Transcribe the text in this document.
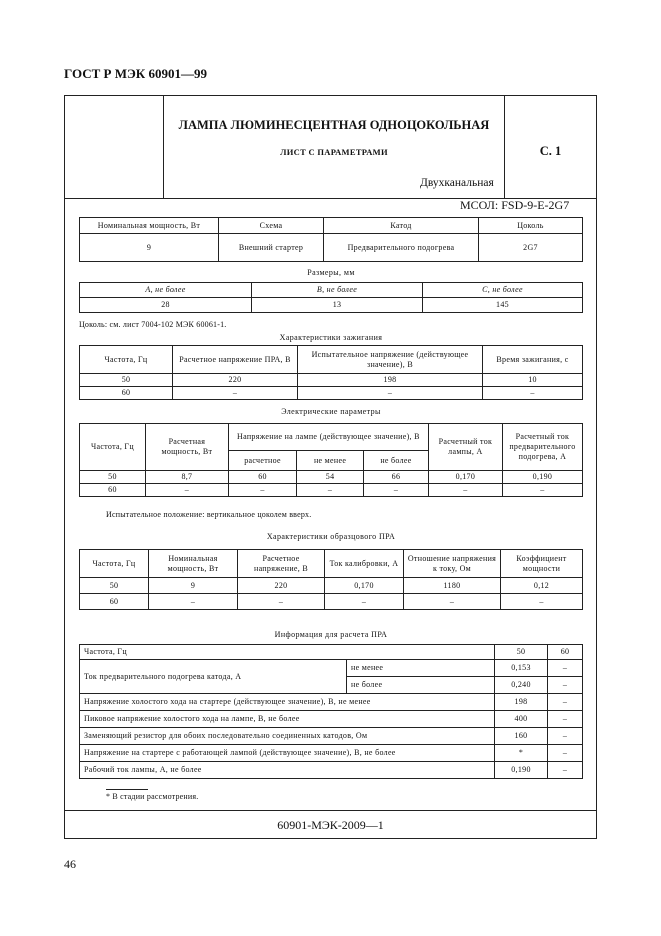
ГОСТ Р МЭК 60901—99
ЛАМПА ЛЮМИНЕСЦЕНТНАЯ ОДНОЦОКОЛЬНАЯ
ЛИСТ С ПАРАМЕТРАМИ
Двухканальная
С. 1
МСОЛ: FSD-9-E-2G7
Номинальная мощность, Вт	Схема	Катод	Цоколь
9	Внешний стартер	Предварительного подогрева	2G7
Размеры, мм
A, не более	B, не более	C, не более
28	13	145
Цоколь: см. лист 7004-102 МЭК 60061-1.
Характеристики зажигания
Частота, Гц	Расчетное напряжение ПРА, В	Испытательное напряжение (действующее значение), В	Время зажигания, с
50	220	198	10
60	–	–	–
Электрические параметры
Частота, Гц	Расчетная мощность, Вт	Напряжение на лампе (действующее значение), В			Расчетный ток лампы, А	Расчетный ток предварительного подогрева, А
		расчетное	не менее	не более		
50	8,7	60	54	66	0,170	0,190
60	–	–	–	–	–	–
Испытательное положение: вертикальное цоколем вверх.
Характеристики образцового ПРА
Частота, Гц	Номинальная мощность, Вт	Расчетное напряжение, В	Ток калибровки, А	Отношение напряжения к току, Ом	Коэффициент мощности
50	9	220	0,170	1180	0,12
60	–	–	–	–	–
Информация для расчета ПРА
Частота, Гц		50	60
Ток предварительного подогрева катода, А	не менее	0,153	–
	не более	0,240	–
Напряжение холостого хода на стартере (действующее значение), В, не менее		198	–
Пиковое напряжение холостого хода на лампе, В, не более		400	–
Заменяющий резистор для обоих последовательно соединенных катодов, Ом		160	–
Напряжение на стартере с работающей лампой (действующее значение), В, не более		*	–
Рабочий ток лампы, А, не более		0,190	–
* В стадии рассмотрения.
60901-МЭК-2009—1
46
